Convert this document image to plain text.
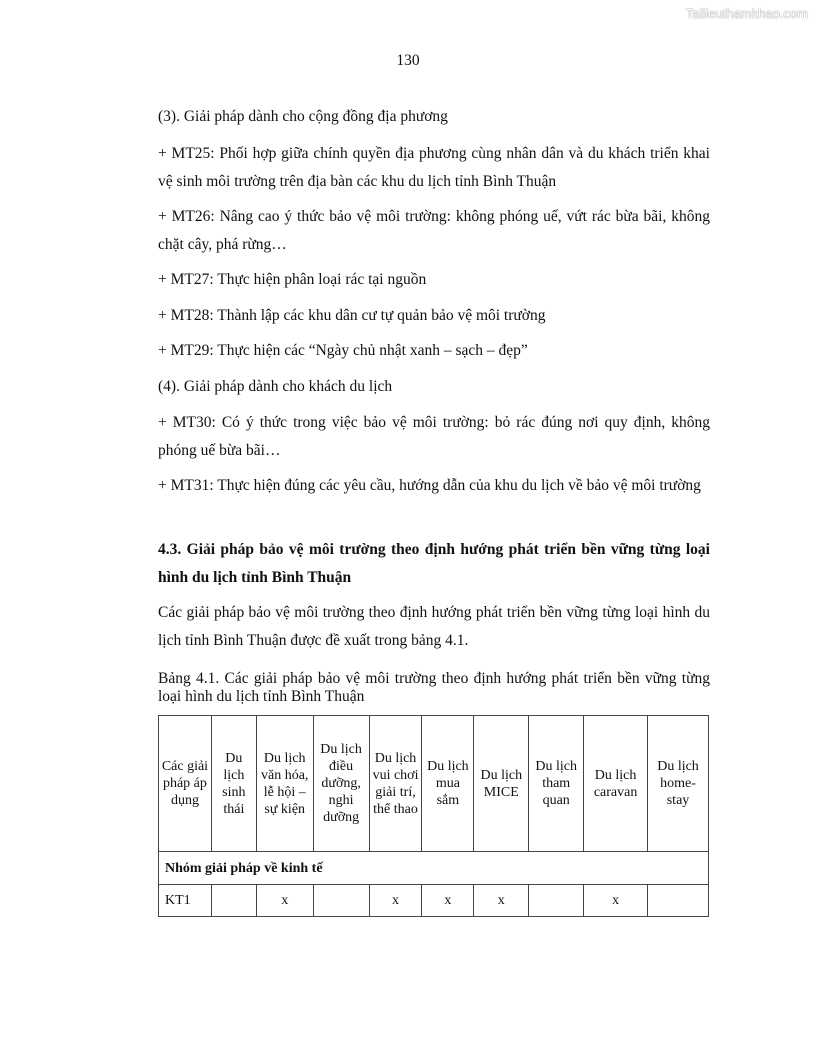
Tailieuthamkhao.com
130
(3). Giải pháp dành cho cộng đồng địa phương
+ MT25: Phối hợp giữa chính quyền địa phương cùng nhân dân và du khách triển khai vệ sinh môi trường trên địa bàn các khu du lịch tỉnh Bình Thuận
+ MT26: Nâng cao ý thức bảo vệ môi trường: không phóng uế, vứt rác bừa bãi, không chặt cây, phá rừng…
+ MT27: Thực hiện phân loại rác tại nguồn
+ MT28: Thành lập các khu dân cư tự quản bảo vệ môi trường
+ MT29: Thực hiện các “Ngày chủ nhật xanh – sạch – đẹp”
(4). Giải pháp dành cho khách du lịch
+ MT30: Có ý thức trong việc bảo vệ môi trường: bỏ rác đúng nơi quy định, không phóng uế bừa bãi…
+ MT31: Thực hiện đúng các yêu cầu, hướng dẫn của khu du lịch về bảo vệ môi trường
4.3. Giải pháp bảo vệ môi trường theo định hướng phát triển bền vững từng loại hình du lịch tỉnh Bình Thuận
Các giải pháp bảo vệ môi trường theo định hướng phát triển bền vững từng loại hình du lịch tỉnh Bình Thuận được đề xuất trong bảng 4.1.
Bảng 4.1. Các giải pháp bảo vệ môi trường theo định hướng phát triển bền vững từng loại hình du lịch tỉnh Bình Thuận
Các giải pháp áp dụng	Du lịch sinh thái	Du lịch văn hóa, lễ hội – sự kiện	Du lịch điều dưỡng, nghi dưỡng	Du lịch vui chơi giải trí, thể thao	Du lịch mua sắm	Du lịch MICE	Du lịch tham quan	Du lịch caravan	Du lịch home-stay
Nhóm giải pháp về kinh tế									
KT1		x		x	x	x		x	
